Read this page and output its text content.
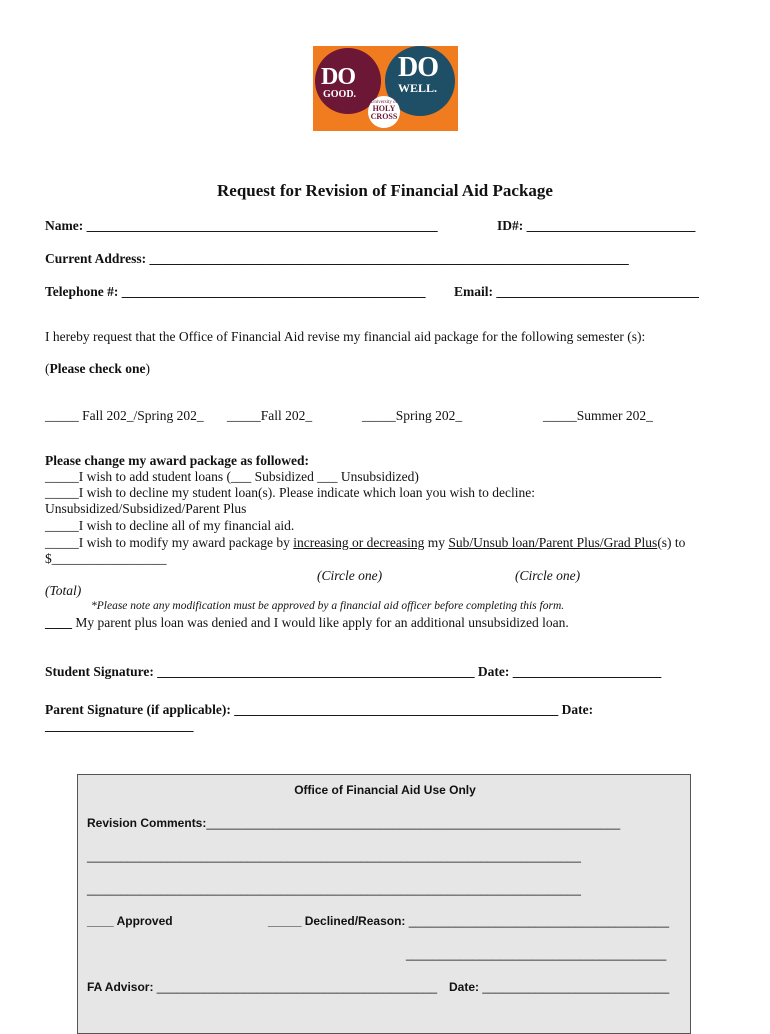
DO
GOOD.
DO
WELL.
University of
HOLY CROSS
Request for Revision of Financial Aid Package
Name: ____________________________________________________	ID#: _________________________
Current Address: _______________________________________________________________________
Telephone #: _____________________________________________ Email: ______________________________
I hereby request that the Office of Financial Aid revise my financial aid package for the following semester (s):
(Please check one)
_____ Fall 202_/Spring 202_ _____Fall 202_	_____Spring 202_	_____Summer 202_
Please change my award package as followed:
_____I wish to add student loans (___ Subsidized ___ Unsubsidized)
_____I wish to decline my student loan(s). Please indicate which loan you wish to decline:
Unsubsidized/Subsidized/Parent Plus
_____I wish to decline all of my financial aid.
_____I wish to modify my award package by increasing or decreasing my Sub/Unsub loan/Parent Plus/Grad Plus(s) to
$_________________
(Circle one)	(Circle one)
(Total)
*Please note any modification must be approved by a financial aid officer before completing this form.
____ My parent plus loan was denied and I would like apply for an additional unsubsidized loan.
Student Signature: _______________________________________________ Date: ______________________
Parent Signature (if applicable): ________________________________________________ Date:
______________________
Office of Financial Aid Use Only
Revision Comments:______________________________________________________________
__________________________________________________________________________
__________________________________________________________________________
____ Approved	_____ Declined/Reason: _______________________________________
_______________________________________
FA Advisor: __________________________________________ Date: ____________________________
